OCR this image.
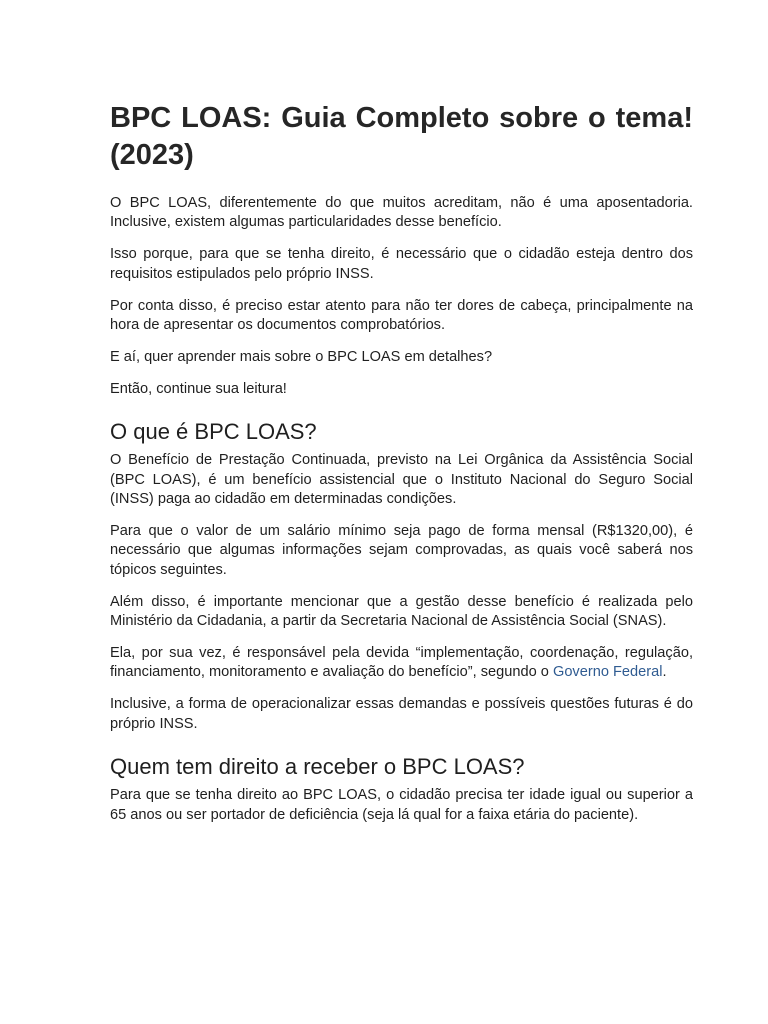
BPC LOAS: Guia Completo sobre o tema! (2023)

O BPC LOAS, diferentemente do que muitos acreditam, não é uma aposentadoria. Inclusive, existem algumas particularidades desse benefício.

Isso porque, para que se tenha direito, é necessário que o cidadão esteja dentro dos requisitos estipulados pelo próprio INSS.

Por conta disso, é preciso estar atento para não ter dores de cabeça, principalmente na hora de apresentar os documentos comprobatórios.

E aí, quer aprender mais sobre o BPC LOAS em detalhes?

Então, continue sua leitura!

O que é BPC LOAS?

O Benefício de Prestação Continuada, previsto na Lei Orgânica da Assistência Social (BPC LOAS), é um benefício assistencial que o Instituto Nacional do Seguro Social (INSS) paga ao cidadão em determinadas condições.

Para que o valor de um salário mínimo seja pago de forma mensal (R$1320,00), é necessário que algumas informações sejam comprovadas, as quais você saberá nos tópicos seguintes.

Além disso, é importante mencionar que a gestão desse benefício é realizada pelo Ministério da Cidadania, a partir da Secretaria Nacional de Assistência Social (SNAS).

Ela, por sua vez, é responsável pela devida “implementação, coordenação, regulação, financiamento, monitoramento e avaliação do benefício”, segundo o Governo Federal.

Inclusive, a forma de operacionalizar essas demandas e possíveis questões futuras é do próprio INSS.

Quem tem direito a receber o BPC LOAS?

Para que se tenha direito ao BPC LOAS, o cidadão precisa ter idade igual ou superior a 65 anos ou ser portador de deficiência (seja lá qual for a faixa etária do paciente).
